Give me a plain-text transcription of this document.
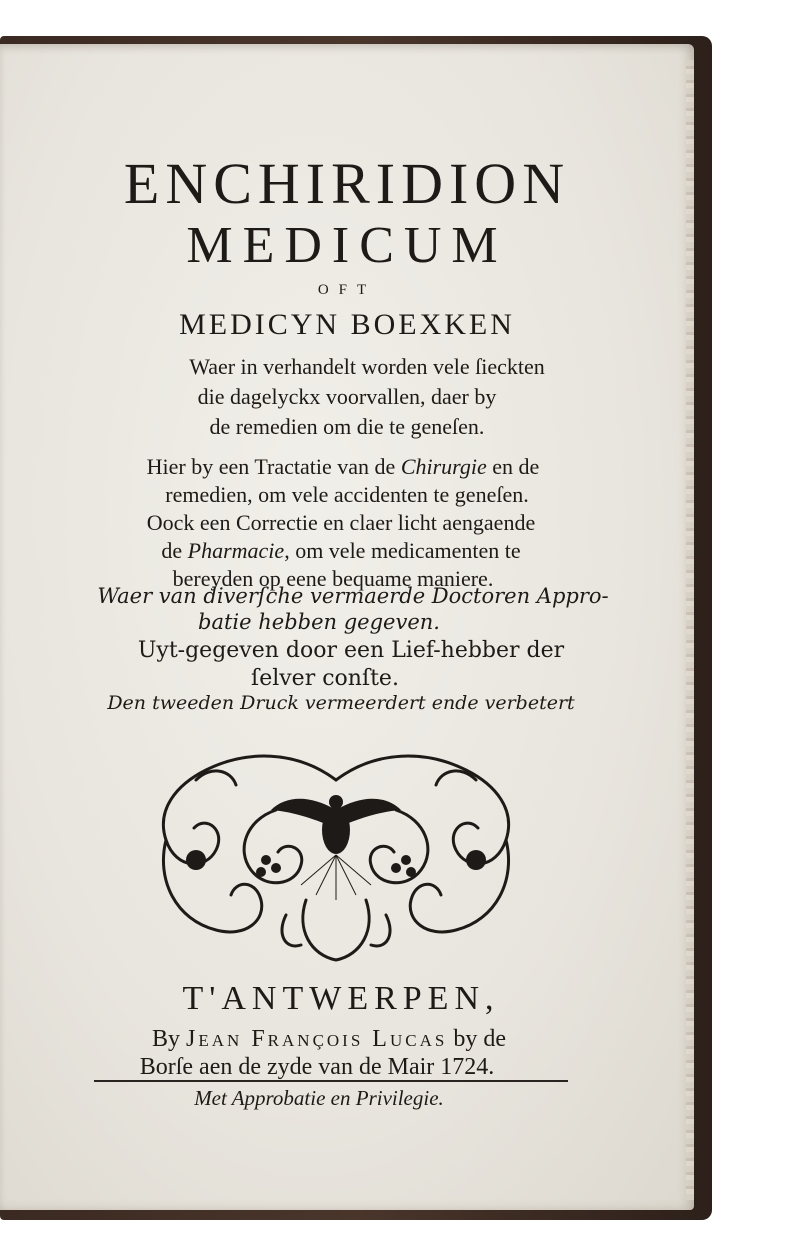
ENCHIRIDION
MEDICUM
OFT
MEDICYN BOEXKEN
Waer in verhandelt worden vele ſieckten
die dagelyckx voorvallen, daer by
de remedien om die te geneſen.
Hier by een Tractatie van de Chirurgie en de
remedien, om vele accidenten te geneſen.
Oock een Correctie en claer licht aengaende
de Pharmacie, om vele medicamenten te
bereyden op eene bequame maniere.
Waer van diverſche vermaerde Doctoren Appro-
batie hebben gegeven.
Uyt-gegeven door een Lief-hebber der
ſelver conſte.
Den tweeden Druck vermeerdert ende verbetert
T'ANTWERPEN,
By Jean François Lucas by de
Borſe aen de zyde van de Mair 1724.
Met Approbatie en Privilegie.
